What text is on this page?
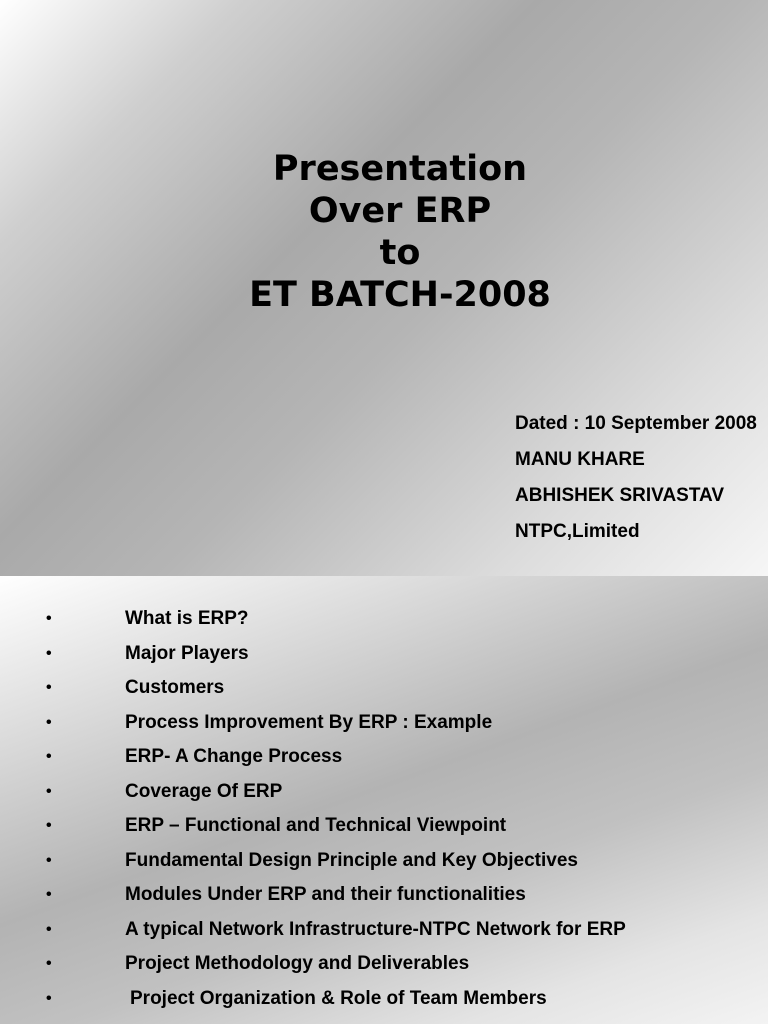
Presentation
Over ERP
to
ET BATCH-2008
Dated : 10 September 2008
MANU KHARE
ABHISHEK SRIVASTAV
NTPC,Limited
•	What is ERP?
•	Major Players
•	Customers
•	Process Improvement By ERP : Example
•	ERP- A Change Process
•	Coverage Of ERP
•	ERP – Functional and Technical Viewpoint
•	Fundamental Design Principle and Key Objectives
•	Modules Under ERP and their functionalities
•	A typical Network Infrastructure-NTPC Network for ERP
•	Project Methodology and Deliverables
•	Project Organization & Role of Team Members
